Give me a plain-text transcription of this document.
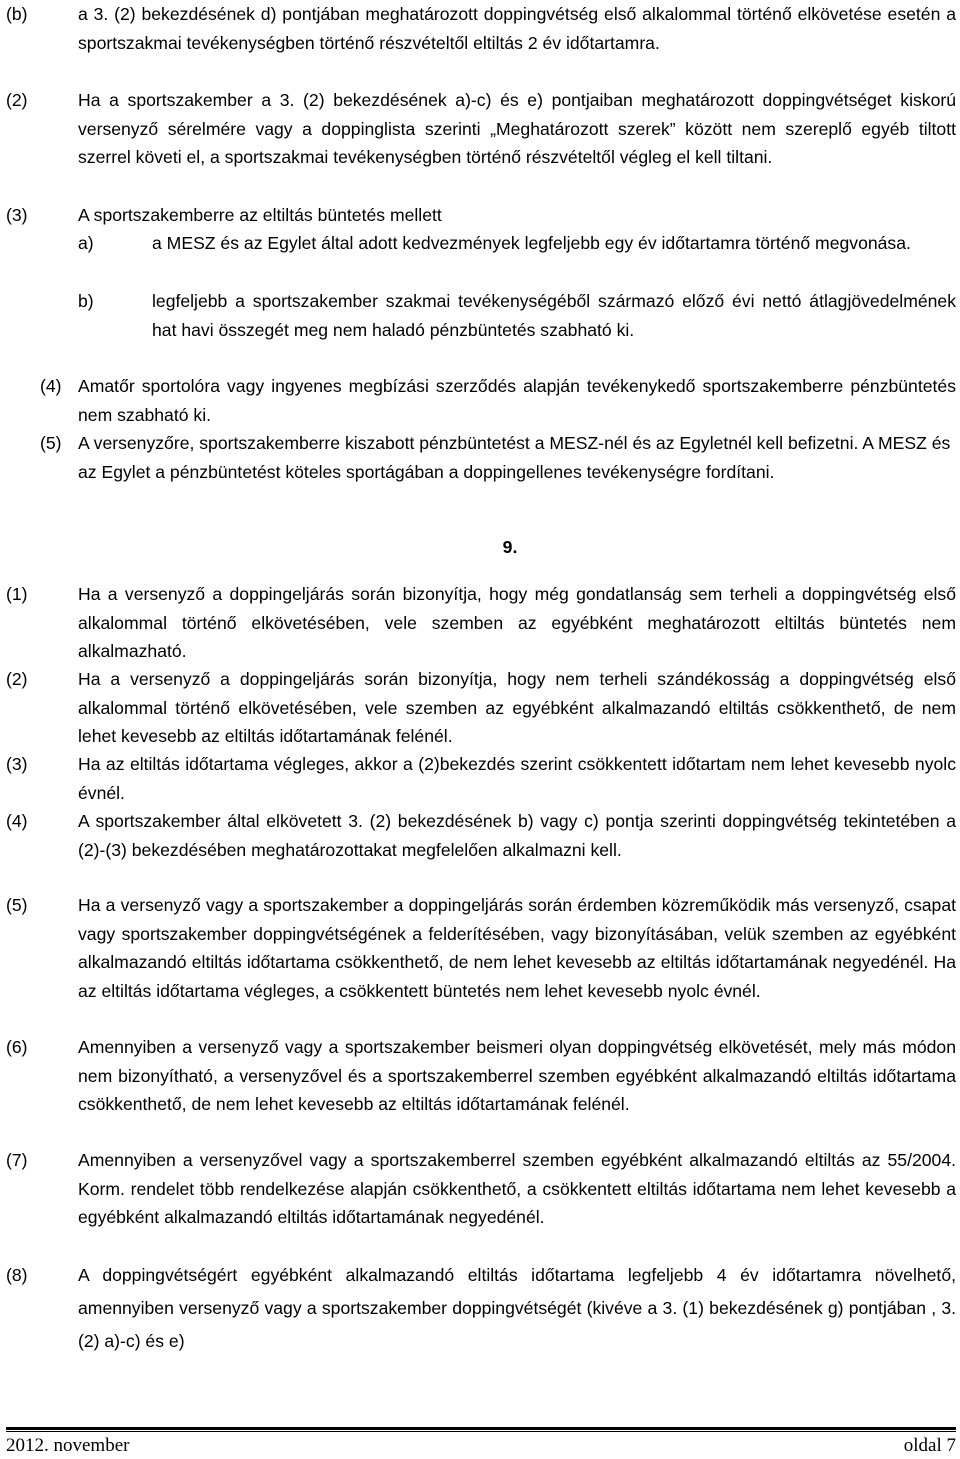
(b)	a 3. (2) bekezdésének d) pontjában meghatározott doppingvétség első alkalommal történő elkövetése esetén a sportszakmai tevékenységben történő részvételtől eltiltás 2 év időtartamra.
(2)	Ha a sportszakember a 3. (2) bekezdésének a)-c) és e) pontjaiban meghatározott doppingvétséget kiskorú versenyző sérelmére vagy a doppinglista szerinti „Meghatározott szerek” között nem szereplő egyéb tiltott szerrel követi el, a sportszakmai tevékenységben történő részvételtől végleg el kell tiltani.
(3)	A sportszakemberre az eltiltás büntetés mellett
a)	a MESZ és az Egylet által adott kedvezmények legfeljebb egy év időtartamra történő megvonása.
b)	legfeljebb a sportszakember szakmai tevékenységéből származó előző évi nettó átlagjövedelmének hat havi összegét meg nem haladó pénzbüntetés szabható ki.
(4) Amatőr sportolóra vagy ingyenes megbízási szerződés alapján tevékenykedő sportszakemberre pénzbüntetés nem szabható ki.
(5) A versenyzőre, sportszakemberre kiszabott pénzbüntetést a MESZ-nél és az Egyletnél kell befizetni. A MESZ és az Egylet a pénzbüntetést köteles sportágában a doppingellenes tevékenységre fordítani.
9.
(1)	Ha a versenyző a doppingeljárás során bizonyítja, hogy még gondatlanság sem terheli a doppingvétség első alkalommal történő elkövetésében, vele szemben az egyébként meghatározott eltiltás büntetés nem alkalmazható.
(2)	Ha a versenyző a doppingeljárás során bizonyítja, hogy nem terheli szándékosság a doppingvétség első alkalommal történő elkövetésében, vele szemben az egyébként alkalmazandó eltiltás csökkenthető, de nem lehet kevesebb az eltiltás időtartamának felénél.
(3)	Ha az eltiltás időtartama végleges, akkor a (2)bekezdés szerint csökkentett időtartam nem lehet kevesebb nyolc évnél.
(4)	A sportszakember által elkövetett 3. (2) bekezdésének b) vagy c) pontja szerinti doppingvétség tekintetében a (2)-(3) bekezdésében meghatározottakat megfelelően alkalmazni kell.
(5)	Ha a versenyző vagy a sportszakember a doppingeljárás során érdemben közreműködik más versenyző, csapat vagy sportszakember doppingvétségének a felderítésében, vagy bizonyításában, velük szemben az egyébként alkalmazandó eltiltás időtartama csökkenthető, de nem lehet kevesebb az eltiltás időtartamának negyedénél. Ha az eltiltás időtartama végleges, a csökkentett büntetés nem lehet kevesebb nyolc évnél.
(6)	Amennyiben a versenyző vagy a sportszakember beismeri olyan doppingvétség elkövetését, mely más módon nem bizonyítható, a versenyzővel és a sportszakemberrel szemben egyébként alkalmazandó eltiltás időtartama csökkenthető, de nem lehet kevesebb az eltiltás időtartamának felénél.
(7)	Amennyiben a versenyzővel vagy a sportszakemberrel szemben egyébként alkalmazandó eltiltás az 55/2004. Korm. rendelet több rendelkezése alapján csökkenthető, a csökkentett eltiltás időtartama nem lehet kevesebb a egyébként alkalmazandó eltiltás időtartamának negyedénél.
(8)	A doppingvétségért egyébként alkalmazandó eltiltás időtartama legfeljebb 4 év időtartamra növelhető, amennyiben versenyző vagy a sportszakember doppingvétségét (kivéve a 3. (1) bekezdésének g) pontjában , 3. (2) a)-c) és e)
2012. november	oldal 7
